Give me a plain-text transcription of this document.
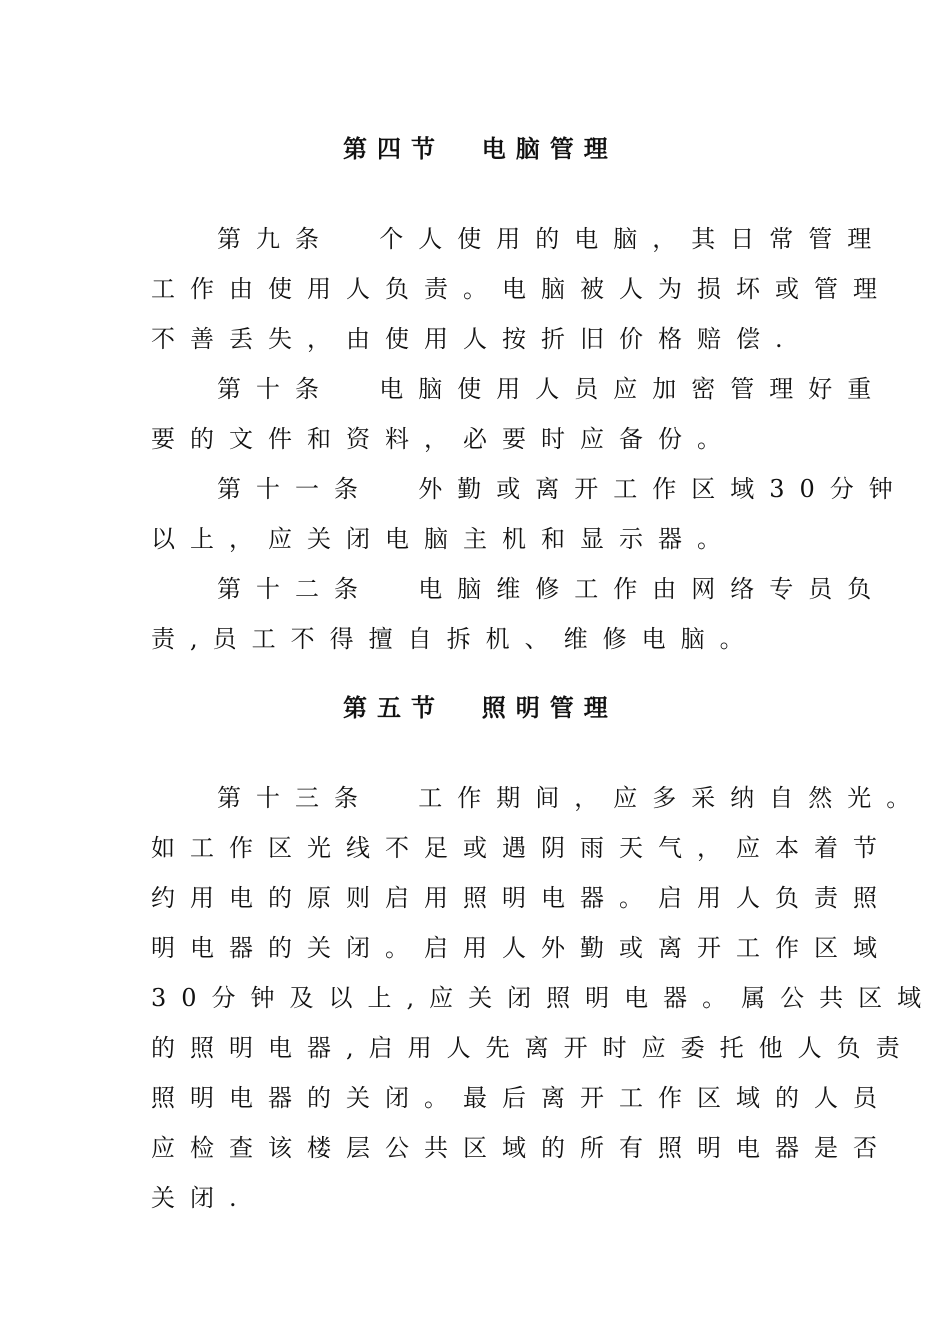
第四节  电脑管理
第九条  个人使用的电脑，其日常管理
工作由使用人负责。电脑被人为损坏或管理
不善丢失，由使用人按折旧价格赔偿.
第十条  电脑使用人员应加密管理好重
要的文件和资料，必要时应备份。
第十一条  外勤或离开工作区域30分钟
以上，应关闭电脑主机和显示器。
第十二条  电脑维修工作由网络专员负
责,员工不得擅自拆机、维修电脑。
第五节  照明管理
第十三条  工作期间，应多采纳自然光。
如工作区光线不足或遇阴雨天气，应本着节
约用电的原则启用照明电器。启用人负责照
明电器的关闭。启用人外勤或离开工作区域
30分钟及以上,应关闭照明电器。属公共区域
的照明电器,启用人先离开时应委托他人负责
照明电器的关闭。最后离开工作区域的人员
应检查该楼层公共区域的所有照明电器是否
关闭.
